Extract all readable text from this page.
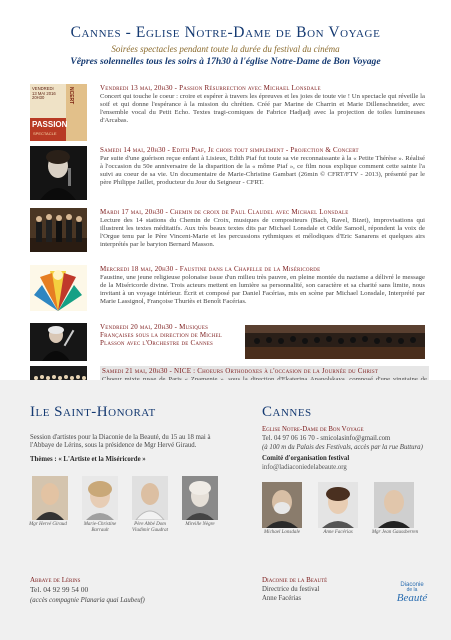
Cannes - Eglise Notre-Dame de Bon Voyage
Soirées spectacles pendant toute la durée du festival du cinéma
Vêpres solennelles tous les soirs à 17h30 à l'église Notre-Dame de Bon Voyage
VENDREDI
13 MAI 2016
20H30	NCERT
PASSION
SPECTACLE
Vendredi 13 mai, 20h30 - Passion Résurrection avec Michael Lonsdale
Concert qui touche le coeur : croire et espérer à travers les épreuves et les joies de toute vie ! Un spectacle qui réveille la soif et qui donne l'espérance à la mission du chrétien. Créé par Marine de Charrin et Marie Dillenschneider, avec l'ensemble vocal du Petit Echo. Textes tragi-comiques de Fabrice Hadjadj avec la projection de toiles lumineuses d'Arcabas.
Samedi 14 mai, 20h30 - Edith Piaf, Je chois tout simplement - Projection & Concert
Par suite d'une guérison reçue enfant à Lisieux, Edith Piaf fut toute sa vie reconnaissante à la « Petite Thérèse ». Réalisé à l'occasion du 50e anniversaire de la disparition de la « môme Piaf », ce film nous explique comment cette sainte l'a suivi au coeur de sa vie. Un documentaire de Marie-Christine Gambart (26min © CFRT/FTV - 2013), présenté par le père Philippe Jaillet, producteur du Jour du Seigneur - CFRT.
Mardi 17 mai, 20h30 - Chemin de croix de Paul Claudel avec Michael Lonsdale
Lecture des 14 stations du Chemin de Croix, musiques de compositeurs (Bach, Ravel, Bizet), improvisations qui illustrent les textes méditatifs. Aux très beaux textes dits par Michael Lonsdale et Odile Samoël, répondent la voix de l'Orgue tenu par le Père Vincent-Marie et les percussions rythmiques et mélodiques d'Eric Sanarens et quelques airs interprétés par le baryton Bernard Masson.
Mercredi 18 mai, 20h30 - Faustine dans la Chapelle de la Miséricorde
Faustine, une jeune religieuse polonaise issue d'un milieu très pauvre, en pleine montée du nazisme a délivré le message de la Miséricorde divine. Trois acteurs mettent en lumière sa personnalité, son caractère et sa charité sans limite, nous invitant à un voyage intérieur. Écrit et composé par Daniel Facérias, mis en scène par Michael Lonsdale, Interprété par Marie Lassignol, Françoise Thuriès et Benoît Facérias.
Vendredi 20 mai, 20h30 - Musiques Françaises sous la direction de Michel Plasson avec l'Orchestre de Cannes
Samedi 21 mai, 20h30 - NICE : Choeurs Orthodoxes à l'occasion de la Journée du Christ
Ile Saint-Honorat
Session d'artistes pour la Diaconie de la Beauté, du 15 au 18 mai à l'Abbaye de Lérins, sous la présidence de Mgr Hervé Giraud.
Thèmes : « L'Artiste et la Miséricorde »
Mgr Hervé Giraud	Marie-Christine Barrault
Père Abbé Dom Vladimir Gaudrat
Mireille Nègre
Abbaye de Lérins
Tel. 04 92 99 54 00
(accès compagnie Planaria quai Laubeuf)
Cannes
Eglise Notre-Dame de Bon Voyage
Tel. 04 97 06 16 70 - smicolasinfo@gmail.com
(à 100 m du Palais des Festivals, accès par la rue Buttura)
Comité d'organisation festival
info@ladiaconiedelabeaute.org
Michael Lonsdale	Anne Facérias	Mgr Jean Gaussberren
Diaconie de la Beauté
Directrice du festival
Anne Facérias
Diaconie
de la
Beauté
